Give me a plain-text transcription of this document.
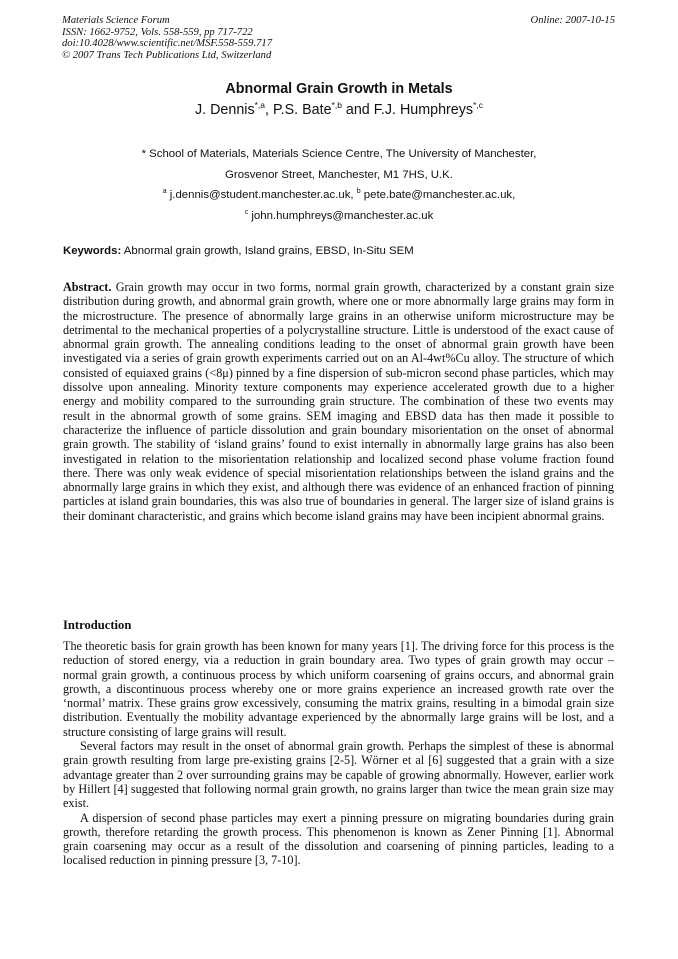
Materials Science Forum
ISSN: 1662-9752, Vols. 558-559, pp 717-722
doi:10.4028/www.scientific.net/MSF.558-559.717
© 2007 Trans Tech Publications Ltd, Switzerland
Online: 2007-10-15
Abnormal Grain Growth in Metals
J. Dennis$^{*,a}$, P.S. Bate$^{*,b}$ and F.J. Humphreys$^{*,c}$
* School of Materials, Materials Science Centre, The University of Manchester,
Grosvenor Street, Manchester, M1 7HS, U.K.
$^a$ j.dennis@student.manchester.ac.uk, $^b$ pete.bate@manchester.ac.uk,
$^c$ john.humphreys@manchester.ac.uk
Keywords: Abnormal grain growth, Island grains, EBSD, In-Situ SEM
Abstract. Grain growth may occur in two forms, normal grain growth, characterized by a constant grain size distribution during growth, and abnormal grain growth, where one or more abnormally large grains may form in the microstructure. The presence of abnormally large grains in an otherwise uniform microstructure may be detrimental to the mechanical properties of a polycrystalline structure. Little is understood of the exact cause of abnormal grain growth. The annealing conditions leading to the onset of abnormal grain growth have been investigated via a series of grain growth experiments carried out on an Al-4wt%Cu alloy. The structure of which consisted of equiaxed grains (<8μ) pinned by a fine dispersion of sub-micron second phase particles, which may dissolve upon annealing. Minority texture components may experience accelerated growth due to a higher energy and mobility compared to the surrounding grain structure. The combination of these two events may result in the abnormal growth of some grains. SEM imaging and EBSD data has then made it possible to characterize the influence of particle dissolution and grain boundary misorientation on the onset of abnormal grain growth. The stability of ‘island grains’ found to exist internally in abnormally large grains has also been investigated in relation to the misorientation relationship and localized second phase volume fraction found there. There was only weak evidence of special misorientation relationships between the island grains and the abnormally large grains in which they exist, and although there was evidence of an enhanced fraction of pinning particles at island grain boundaries, this was also true of boundaries in general. The larger size of island grains is their dominant characteristic, and grains which become island grains may have been incipient abnormal grains.
Introduction
The theoretic basis for grain growth has been known for many years [1]. The driving force for this process is the reduction of stored energy, via a reduction in grain boundary area. Two types of grain growth may occur – normal grain growth, a continuous process by which uniform coarsening of grains occurs, and abnormal grain growth, a discontinuous process whereby one or more grains experience an increased growth rate over the ‘normal’ matrix. These grains grow excessively, consuming the matrix grains, resulting in a bimodal grain size distribution. Eventually the mobility advantage experienced by the abnormally large grains will be lost, and a structure consisting of large grains will result.
Several factors may result in the onset of abnormal grain growth. Perhaps the simplest of these is abnormal grain growth resulting from large pre-existing grains [2-5]. Wörner et al [6] suggested that a grain with a size advantage greater than 2 over surrounding grains may be capable of growing abnormally. However, earlier work by Hillert [4] suggested that following normal grain growth, no grains larger than twice the mean grain size may exist.
A dispersion of second phase particles may exert a pinning pressure on migrating boundaries during grain growth, therefore retarding the growth process. This phenomenon is known as Zener Pinning [1]. Abnormal grain coarsening may occur as a result of the dissolution and coarsening of pinning particles, leading to a localised reduction in pinning pressure [3, 7-10].
